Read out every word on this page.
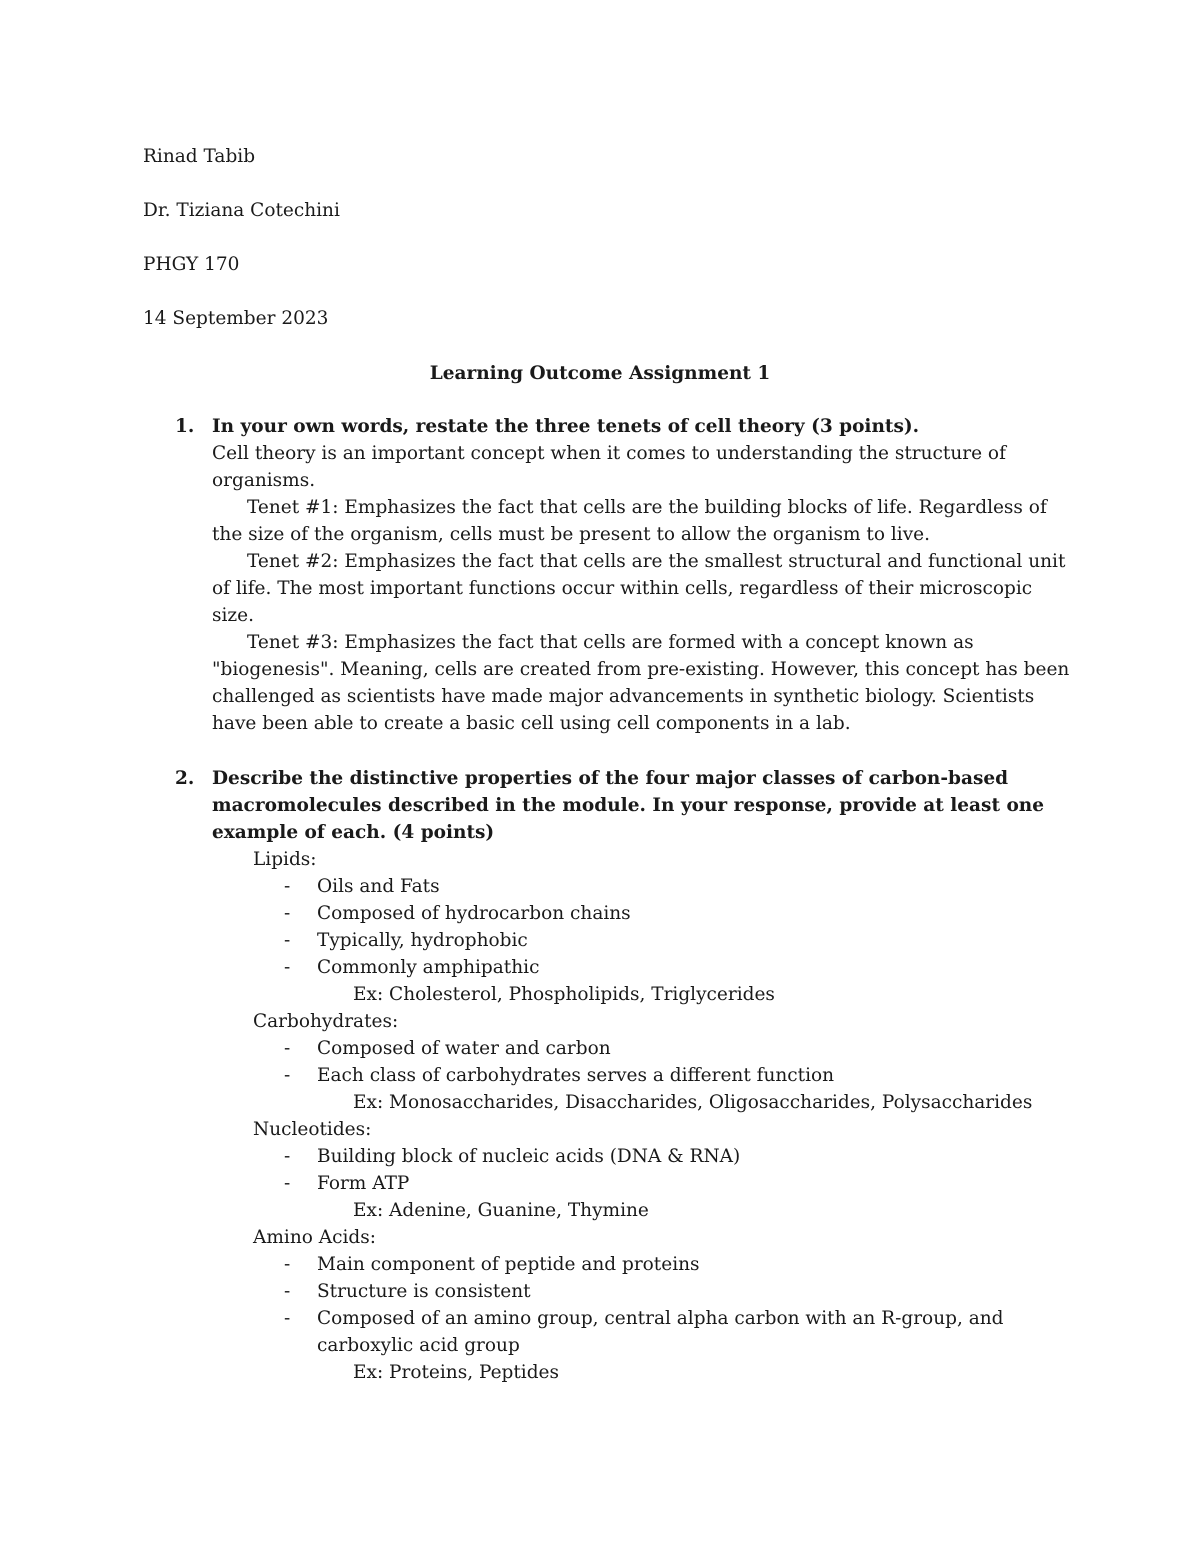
Rinad Tabib

Dr. Tiziana Cotechini

PHGY 170

14 September 2023

Learning Outcome Assignment 1

1. In your own words, restate the three tenets of cell theory (3 points).

Cell theory is an important concept when it comes to understanding the structure of organisms.

Tenet #1: Emphasizes the fact that cells are the building blocks of life. Regardless of the size of the organism, cells must be present to allow the organism to live.

Tenet #2: Emphasizes the fact that cells are the smallest structural and functional unit of life. The most important functions occur within cells, regardless of their microscopic size.

Tenet #3: Emphasizes the fact that cells are formed with a concept known as "biogenesis". Meaning, cells are created from pre-existing. However, this concept has been challenged as scientists have made major advancements in synthetic biology. Scientists have been able to create a basic cell using cell components in a lab.

2. Describe the distinctive properties of the four major classes of carbon-based macromolecules described in the module. In your response, provide at least one example of each. (4 points)

Lipids:

- Oils and Fats
- Composed of hydrocarbon chains
- Typically, hydrophobic
- Commonly amphipathic

Ex: Cholesterol, Phospholipids, Triglycerides

Carbohydrates:

- Composed of water and carbon
- Each class of carbohydrates serves a different function

Ex: Monosaccharides, Disaccharides, Oligosaccharides, Polysaccharides

Nucleotides:

- Building block of nucleic acids (DNA & RNA)
- Form ATP

Ex: Adenine, Guanine, Thymine

Amino Acids:

- Main component of peptide and proteins
- Structure is consistent
- Composed of an amino group, central alpha carbon with an R-group, and carboxylic acid group

Ex: Proteins, Peptides
